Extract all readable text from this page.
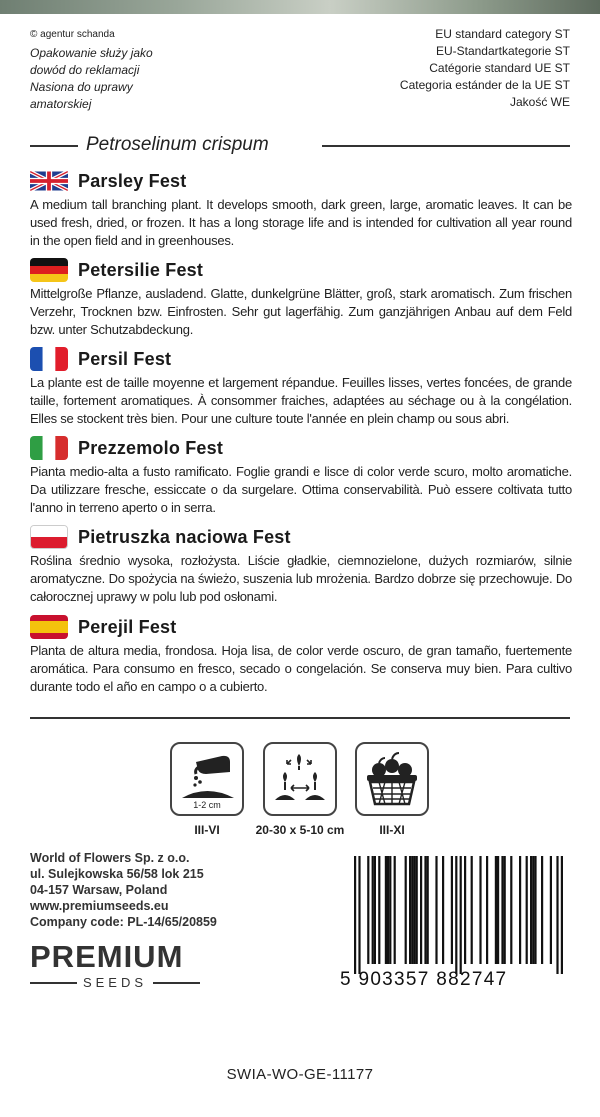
© agentur schanda
Opakowanie służy jako
dowód do reklamacji
Nasiona do uprawy
amatorskiej
EU standard category ST
EU-Standartkategorie ST
Catégorie standard UE ST
Categoria estánder de la UE ST
Jakość WE
Petroselinum crispum
Parsley Fest
A medium tall branching plant. It develops smooth, dark green, large, aromatic leaves. It can be used fresh, dried, or frozen. It has a long storage life and is intended for cultivation all year round in the open field and in greenhouses.
Petersilie Fest
Mittelgroße Pflanze, ausladend. Glatte, dunkelgrüne Blätter, groß, stark aromatisch. Zum frischen Verzehr, Trocknen bzw. Einfrosten. Sehr gut lagerfähig. Zum ganzjährigen Anbau auf dem Feld bzw. unter Schutzabdeckung.
Persil Fest
La plante est de taille moyenne et largement répandue. Feuilles lisses, vertes foncées, de grande taille, fortement aromatiques. À consommer fraiches, adaptées au séchage ou à la congélation. Elles se stockent très bien. Pour une culture toute l'année en plein champ ou sous abri.
Prezzemolo Fest
Pianta medio-alta a fusto ramificato. Foglie grandi e lisce di color verde scuro, molto aromatiche. Da utilizzare fresche, essiccate o da surgelare. Ottima conservabilità. Può essere coltivata tutto l'anno in terreno aperto o in serra.
Pietruszka naciowa Fest
Roślina średnio wysoka, rozłożysta. Liście gładkie, ciemnozielone, dużych rozmiarów, silnie aromatyczne. Do spożycia na świeżo, suszenia lub mrożenia. Bardzo dobrze się przechowuje. Do całorocznej uprawy w polu lub pod osłonami.
Perejil Fest
Planta de altura media, frondosa. Hoja lisa, de color verde oscuro, de gran tamaño, fuertemente aromática. Para consumo en fresco, secado o congelación. Se conserva muy bien. Para cultivo durante todo el año en campo o a cubierto.
1-2 cm
III-VI	20-30 x 5-10 cm	III-XI
World of Flowers Sp. z o.o.
ul. Sulejkowska 56/58 lok 215
04-157 Warsaw, Poland
www.premiumseeds.eu
Company code: PL-14/65/20859
PREMIUM
SEEDS	5 903357 882747
SWIA-WO-GE-11177
